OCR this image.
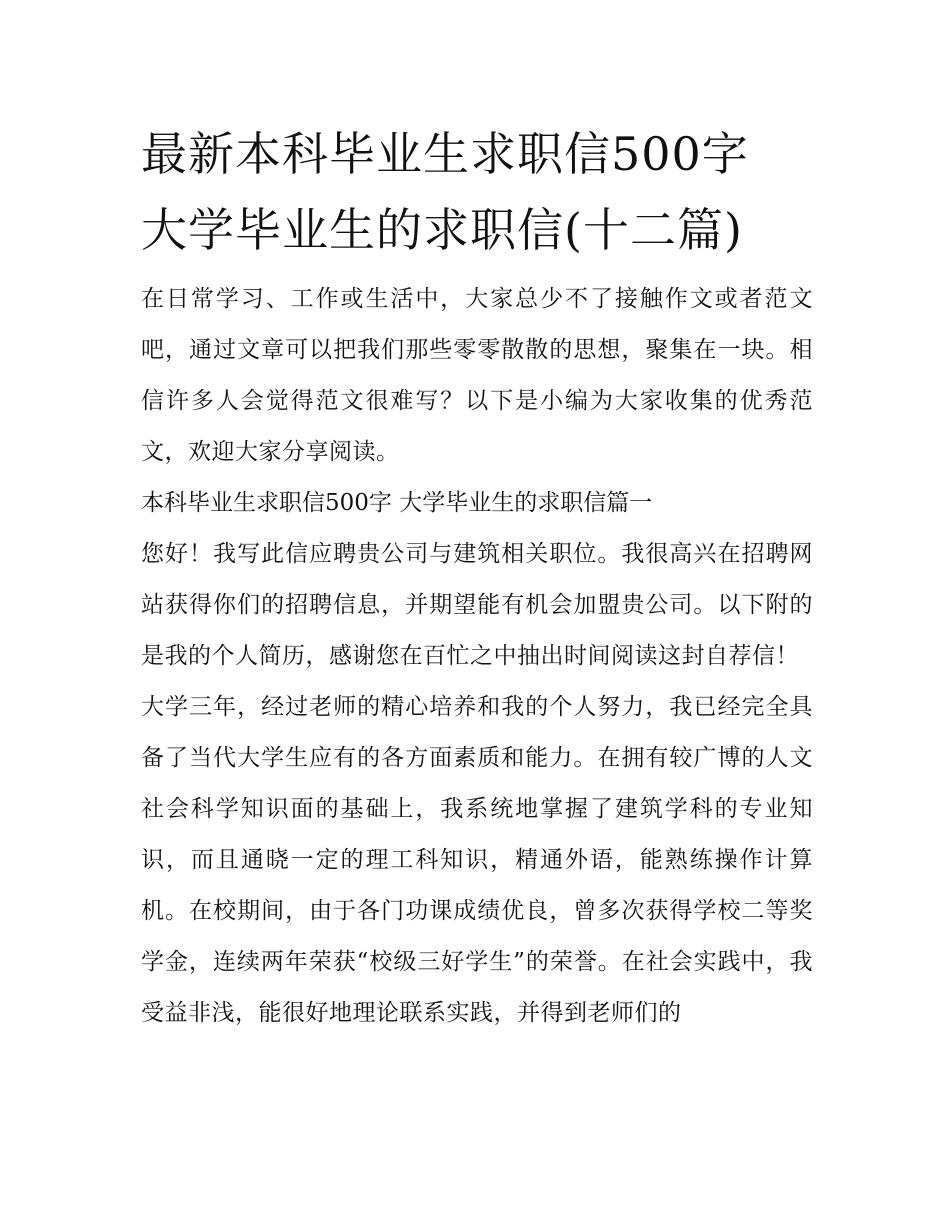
最新本科毕业生求职信500字
大学毕业生的求职信(十二篇)

在日常学习、工作或生活中，大家总少不了接触作文或者范文吧，通过文章可以把我们那些零零散散的思想，聚集在一块。相信许多人会觉得范文很难写？以下是小编为大家收集的优秀范文，欢迎大家分享阅读。

本科毕业生求职信500字 大学毕业生的求职信篇一

您好！我写此信应聘贵公司与建筑相关职位。我很高兴在招聘网站获得你们的招聘信息，并期望能有机会加盟贵公司。以下附的是我的个人简历，感谢您在百忙之中抽出时间阅读这封自荐信！

大学三年，经过老师的精心培养和我的个人努力，我已经完全具备了当代大学生应有的各方面素质和能力。在拥有较广博的人文社会科学知识面的基础上，我系统地掌握了建筑学科的专业知识，而且通晓一定的理工科知识，精通外语，能熟练操作计算机。在校期间，由于各门功课成绩优良，曾多次获得学校二等奖学金，连续两年荣获“校级三好学生”的荣誉。在社会实践中，我受益非浅，能很好地理论联系实践，并得到老师们的
